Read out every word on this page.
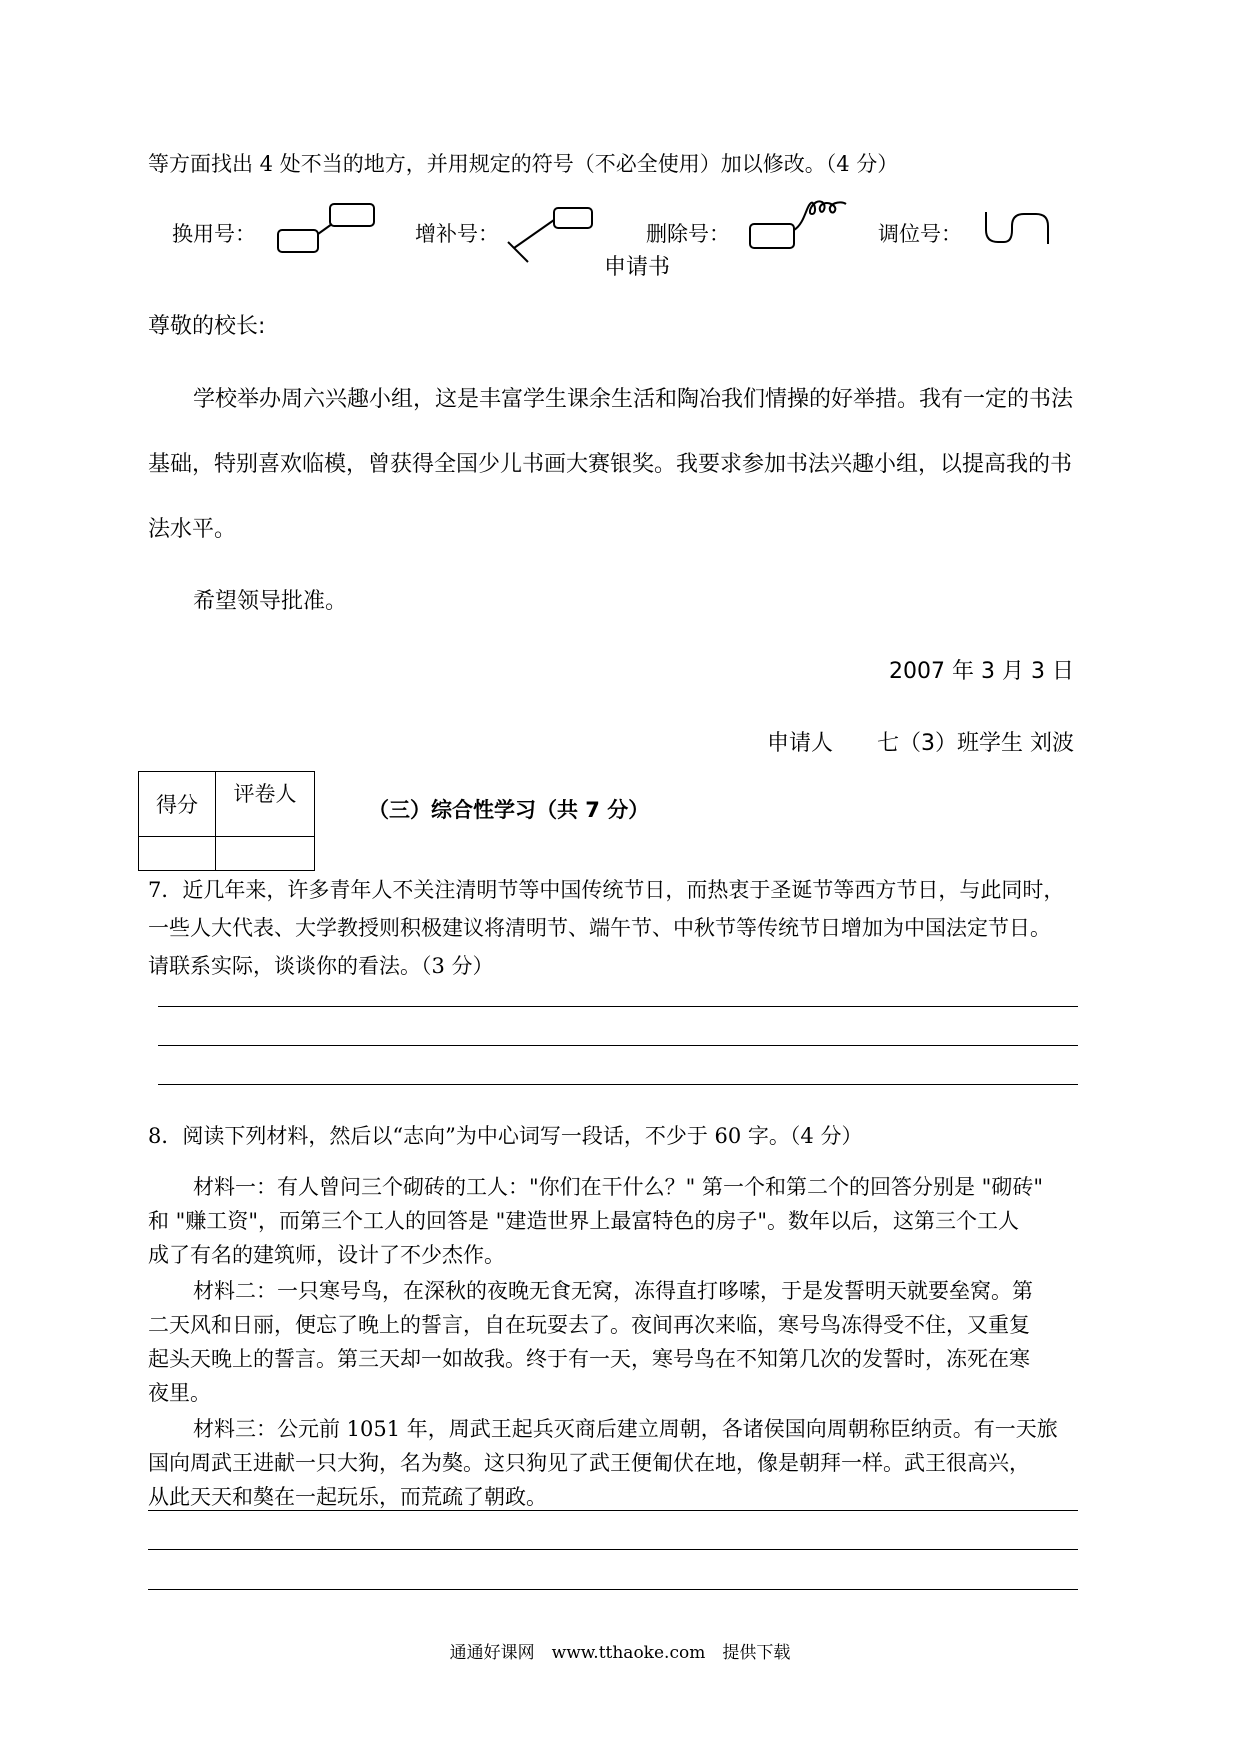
等方面找出 4 处不当的地方，并用规定的符号（不必全使用）加以修改。（4 分）
换用号：	增补号：	删除号：	调位号：
申请书
尊敬的校长:
学校举办周六兴趣小组，这是丰富学生课余生活和陶冶我们情操的好举措。我有一定的书法
基础，特别喜欢临模，曾获得全国少儿书画大赛银奖。我要求参加书法兴趣小组，以提高我的书
法水平。
希望领导批准。
2007 年 3 月 3 日
申请人　　七（3）班学生 刘波
得分	评卷人

（三）综合性学习（共 7 分）
7．近几年来，许多青年人不关注清明节等中国传统节日，而热衷于圣诞节等西方节日，与此同时，
一些人大代表、大学教授则积极建议将清明节、端午节、中秋节等传统节日增加为中国法定节日。
请联系实际，谈谈你的看法。（3 分）
8．阅读下列材料，然后以“志向”为中心词写一段话，不少于 60 字。（4 分）
材料一：有人曾问三个砌砖的工人："你们在干什么？" 第一个和第二个的回答分别是 "砌砖"
和 "赚工资"，而第三个工人的回答是 "建造世界上最富特色的房子"。数年以后，这第三个工人
成了有名的建筑师，设计了不少杰作。
材料二：一只寒号鸟，在深秋的夜晚无食无窝，冻得直打哆嗦，于是发誓明天就要垒窝。第
二天风和日丽，便忘了晚上的誓言，自在玩耍去了。夜间再次来临，寒号鸟冻得受不住，又重复
起头天晚上的誓言。第三天却一如故我。终于有一天，寒号鸟在不知第几次的发誓时，冻死在寒
夜里。
材料三：公元前 1051 年，周武王起兵灭商后建立周朝，各诸侯国向周朝称臣纳贡。有一天旅
国向周武王进献一只大狗，名为獒。这只狗见了武王便匍伏在地，像是朝拜一样。武王很高兴，
从此天天和獒在一起玩乐，而荒疏了朝政。
通通好课网　www.tthaoke.com　提供下载
